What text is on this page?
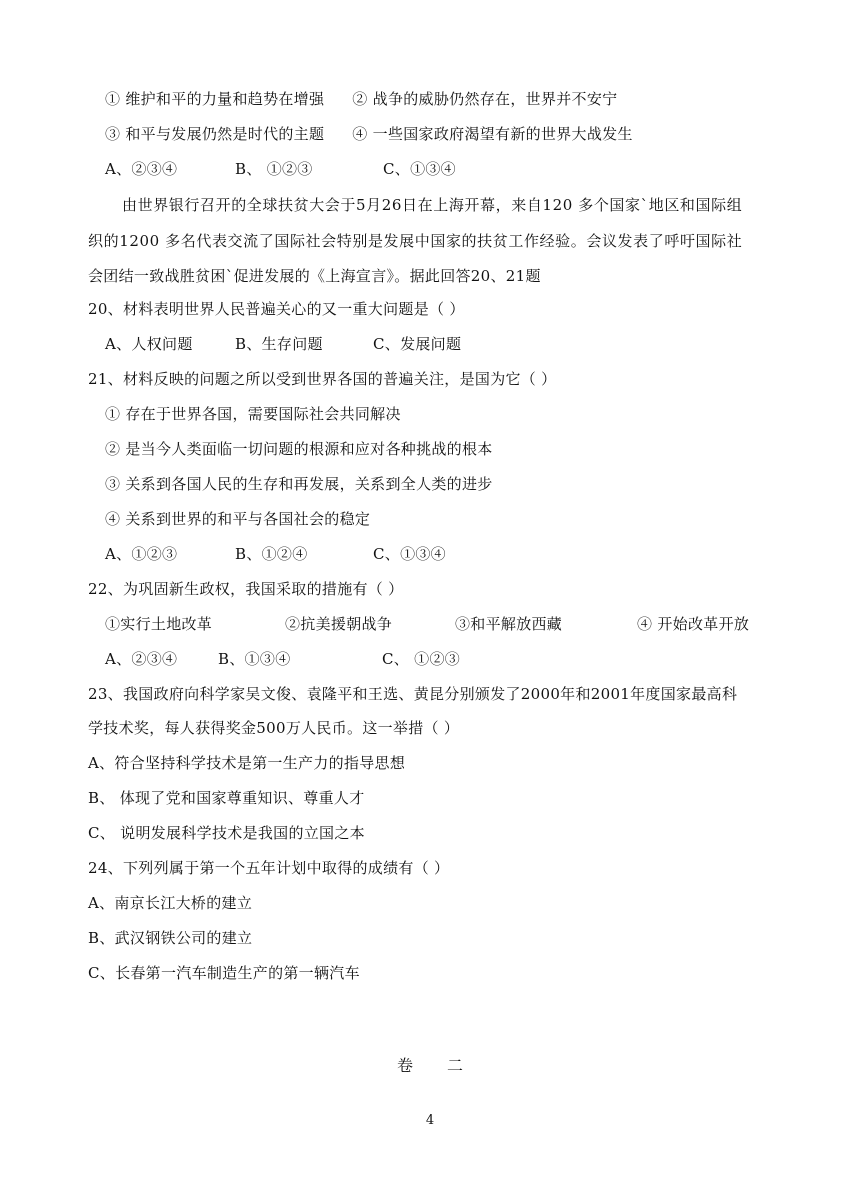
① 维护和平的力量和趋势在增强 ② 战争的威胁仍然存在，世界并不安宁
③ 和平与发展仍然是时代的主题 ④ 一些国家政府渴望有新的世界大战发生
A、②③④	B、 ①②③	C、①③④
由世界银行召开的全球扶贫大会于5月26日在上海开幕，来自120 多个国家`地区和国际组
织的1200 多名代表交流了国际社会特别是发展中国家的扶贫工作经验。会议发表了呼吁国际社
会团结一致战胜贫困`促进发展的《上海宣言》。据此回答20、21题
20、材料表明世界人民普遍关心的又一重大问题是（ ）
A、人权问题	B、生存问题	C、发展问题
21、材料反映的问题之所以受到世界各国的普遍关注，是国为它（ ）
① 存在于世界各国，需要国际社会共同解决
② 是当今人类面临一切问题的根源和应对各种挑战的根本
③ 关系到各国人民的生存和再发展，关系到全人类的进步
④ 关系到世界的和平与各国社会的稳定
A、①②③	B、①②④	C、①③④
22、为巩固新生政权，我国采取的措施有（ ）
①实行土地改革	②抗美援朝战争	③和平解放西藏	④ 开始改革开放
A、②③④	B、①③④	C、 ①②③
23、我国政府向科学家吴文俊、袁隆平和王选、黄昆分别颁发了2000年和2001年度国家最高科
学技术奖，每人获得奖金500万人民币。这一举措（ ）
A、符合坚持科学技术是第一生产力的指导思想
B、 体现了党和国家尊重知识、尊重人才
C、 说明发展科学技术是我国的立国之本
24、下列列属于第一个五年计划中取得的成绩有（ ）
A、南京长江大桥的建立
B、武汉钢铁公司的建立
C、长春第一汽车制造生产的第一辆汽车
卷 二
4
